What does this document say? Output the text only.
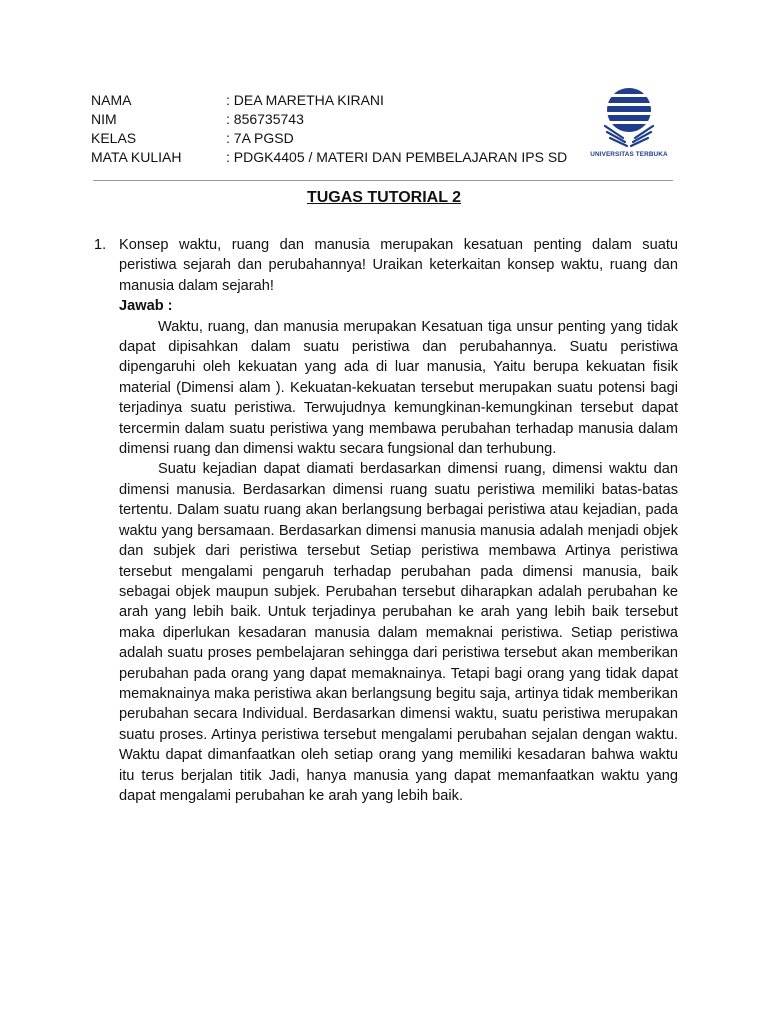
NAMA	: DEA MARETHA KIRANI
NIM	: 856735743
KELAS	: 7A PGSD
MATA KULIAH	: PDGK4405 / MATERI DAN PEMBELAJARAN IPS SD	UNIVERSITAS TERBUKA
TUGAS TUTORIAL 2
1. Konsep waktu, ruang dan manusia merupakan kesatuan penting dalam suatu peristiwa sejarah dan perubahannya! Uraikan keterkaitan konsep waktu, ruang dan manusia dalam sejarah!
Jawab :

Waktu, ruang, dan manusia merupakan Kesatuan tiga unsur penting yang tidak dapat dipisahkan dalam suatu peristiwa dan perubahannya. Suatu peristiwa dipengaruhi oleh kekuatan yang ada di luar manusia, Yaitu berupa kekuatan fisik material (Dimensi alam ). Kekuatan-kekuatan tersebut merupakan suatu potensi bagi terjadinya suatu peristiwa. Terwujudnya kemungkinan-kemungkinan tersebut dapat tercermin dalam suatu peristiwa yang membawa perubahan terhadap manusia dalam dimensi ruang dan dimensi waktu secara fungsional dan terhubung.

Suatu kejadian dapat diamati berdasarkan dimensi ruang, dimensi waktu dan dimensi manusia. Berdasarkan dimensi ruang suatu peristiwa memiliki batas-batas tertentu. Dalam suatu ruang akan berlangsung berbagai peristiwa atau kejadian, pada waktu yang bersamaan. Berdasarkan dimensi manusia manusia adalah menjadi objek dan subjek dari peristiwa tersebut Setiap peristiwa membawa Artinya peristiwa tersebut mengalami pengaruh terhadap perubahan pada dimensi manusia, baik sebagai objek maupun subjek. Perubahan tersebut diharapkan adalah perubahan ke arah yang lebih baik. Untuk terjadinya perubahan ke arah yang lebih baik tersebut maka diperlukan kesadaran manusia dalam memaknai peristiwa. Setiap peristiwa adalah suatu proses pembelajaran sehingga dari peristiwa tersebut akan memberikan perubahan pada orang yang dapat memaknainya. Tetapi bagi orang yang tidak dapat memaknainya maka peristiwa akan berlangsung begitu saja, artinya tidak memberikan perubahan secara Individual. Berdasarkan dimensi waktu, suatu peristiwa merupakan suatu proses. Artinya peristiwa tersebut mengalami perubahan sejalan dengan waktu. Waktu dapat dimanfaatkan oleh setiap orang yang memiliki kesadaran bahwa waktu itu terus berjalan titik Jadi, hanya manusia yang dapat memanfaatkan waktu yang dapat mengalami perubahan ke arah yang lebih baik.
